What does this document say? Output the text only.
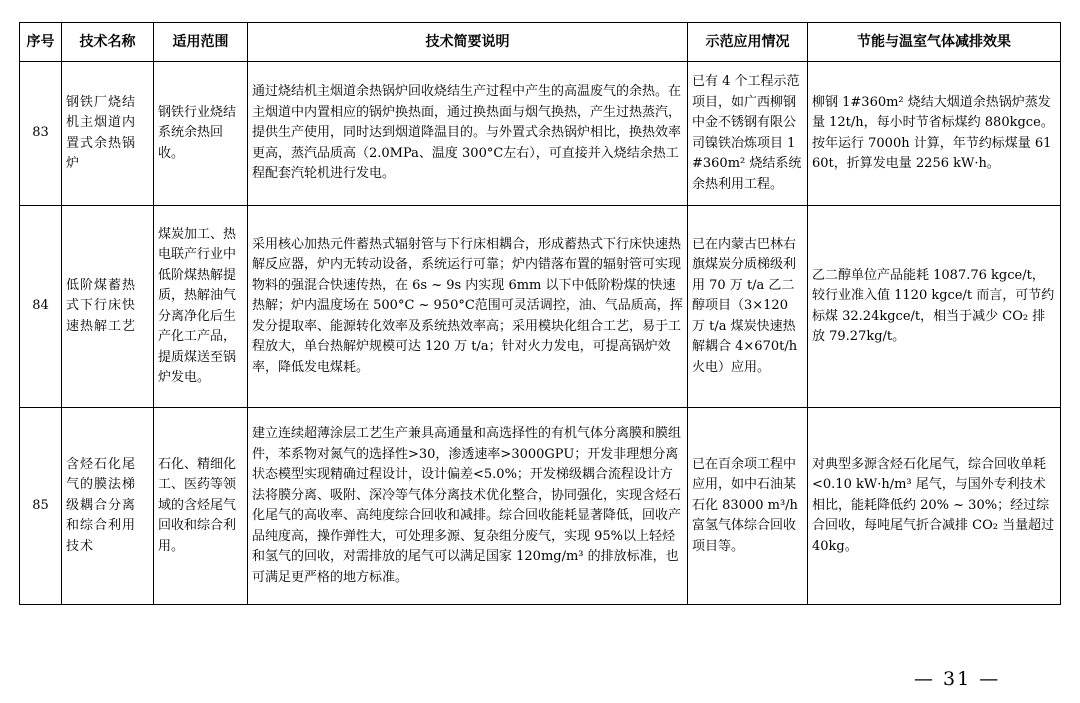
序号	技术名称	适用范围	技术简要说明	示范应用情况	节能与温室气体减排效果
83	钢铁厂烧结机主烟道内置式余热锅炉	钢铁行业烧结系统余热回收。	通过烧结机主烟道余热锅炉回收烧结生产过程中产生的高温废气的余热。在主烟道中内置相应的锅炉换热面，通过换热面与烟气换热，产生过热蒸汽，提供生产使用，同时达到烟道降温目的。与外置式余热锅炉相比，换热效率更高，蒸汽品质高（2.0MPa、温度 300°C左右），可直接并入烧结余热工程配套汽轮机进行发电。	已有 4 个工程示范项目，如广西柳钢中金不锈钢有限公司镍铁冶炼项目 1#360m² 烧结系统余热利用工程。	柳钢 1#360m² 烧结大烟道余热锅炉蒸发量 12t/h，每小时节省标煤约 880kgce。按年运行 7000h 计算，年节约标煤量 6160t，折算发电量 2256 kW·h。
84	低阶煤蓄热式下行床快速热解工艺	煤炭加工、热电联产行业中低阶煤热解提质，热解油气分离净化后生产化工产品，提质煤送至锅炉发电。	采用核心加热元件蓄热式辐射管与下行床相耦合，形成蓄热式下行床快速热解反应器，炉内无转动设备，系统运行可靠；炉内错落布置的辐射管可实现物料的强混合快速传热，在 6s ~ 9s 内实现 6mm 以下中低阶粉煤的快速热解；炉内温度场在 500°C ~ 950°C范围可灵活调控，油、气品质高，挥发分提取率、能源转化效率及系统热效率高；采用模块化组合工艺，易于工程放大，单台热解炉规模可达 120 万 t/a；针对火力发电，可提高锅炉效率，降低发电煤耗。	已在内蒙古巴林右旗煤炭分质梯级利用 70 万 t/a 乙二醇项目（3×120 万 t/a 煤炭快速热解耦合 4×670t/h 火电）应用。	乙二醇单位产品能耗 1087.76 kgce/t，较行业准入值 1120 kgce/t 而言，可节约标煤 32.24kgce/t，相当于减少 CO₂ 排放 79.27kg/t。
85	含烃石化尾气的膜法梯级耦合分离和综合利用技术	石化、精细化工、医药等领域的含烃尾气回收和综合利用。	建立连续超薄涂层工艺生产兼具高通量和高选择性的有机气体分离膜和膜组件，苯系物对氮气的选择性>30，渗透速率>3000GPU；开发非理想分离状态模型实现精确过程设计，设计偏差<5.0%；开发梯级耦合流程设计方法将膜分离、吸附、深冷等气体分离技术优化整合，协同强化，实现含烃石化尾气的高收率、高纯度综合回收和减排。综合回收能耗显著降低，回收产品纯度高，操作弹性大，可处理多源、复杂组分废气，实现 95%以上轻烃和氢气的回收，对需排放的尾气可以满足国家 120mg/m³ 的排放标准，也可满足更严格的地方标准。	已在百余项工程中应用，如中石油某石化 83000 m³/h 富氢气体综合回收项目等。	对典型多源含烃石化尾气，综合回收单耗<0.10 kW·h/m³ 尾气，与国外专利技术相比，能耗降低约 20% ~ 30%；经过综合回收，每吨尾气折合减排 CO₂ 当量超过 40kg。
— 31 —
